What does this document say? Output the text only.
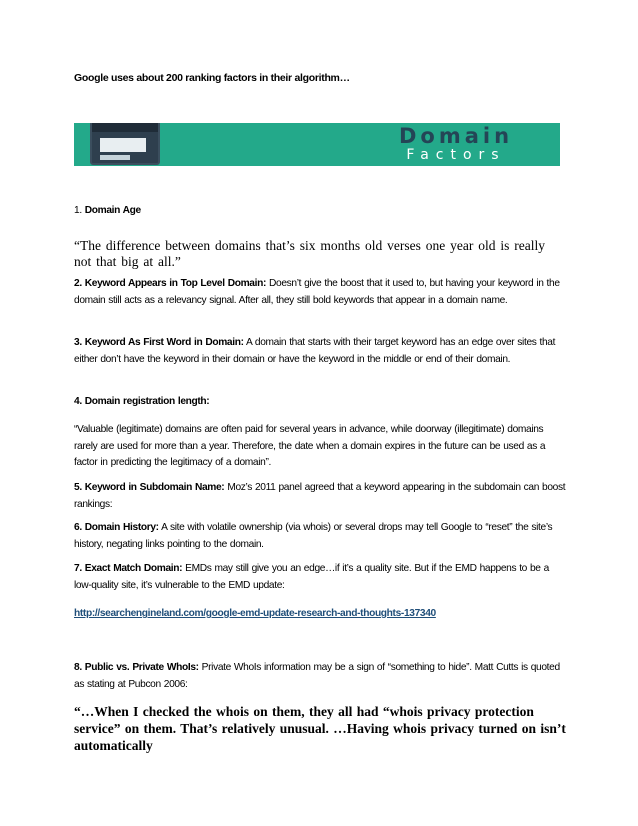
Google uses about 200 ranking factors in their algorithm…
Domain
Factors
1. Domain Age
“The difference between domains that’s six months old verses one year old is really not that big at all.”
2. Keyword Appears in Top Level Domain: Doesn’t give the boost that it used to, but having your keyword in the domain still acts as a relevancy signal. After all, they still bold keywords that appear in a domain name.
3. Keyword As First Word in Domain: A domain that starts with their target keyword has an edge over sites that either don’t have the keyword in their domain or have the keyword in the middle or end of their domain.
4. Domain registration length:
“Valuable (legitimate) domains are often paid for several years in advance, while doorway (illegitimate) domains rarely are used for more than a year. Therefore, the date when a domain expires in the future can be used as a factor in predicting the legitimacy of a domain”.
5. Keyword in Subdomain Name: Moz’s 2011 panel agreed that a keyword appearing in the subdomain can boost rankings:
6. Domain History: A site with volatile ownership (via whois) or several drops may tell Google to “reset” the site’s history, negating links pointing to the domain.
7. Exact Match Domain: EMDs may still give you an edge…if it’s a quality site. But if the EMD happens to be a low-quality site, it’s vulnerable to the EMD update:
http://searchengineland.com/google-emd-update-research-and-thoughts-137340
8. Public vs. Private WhoIs: Private WhoIs information may be a sign of “something to hide”. Matt Cutts is quoted as stating at Pubcon 2006:
“…When I checked the whois on them, they all had “whois privacy protection service” on them. That’s relatively unusual. …Having whois privacy turned on isn’t automatically
